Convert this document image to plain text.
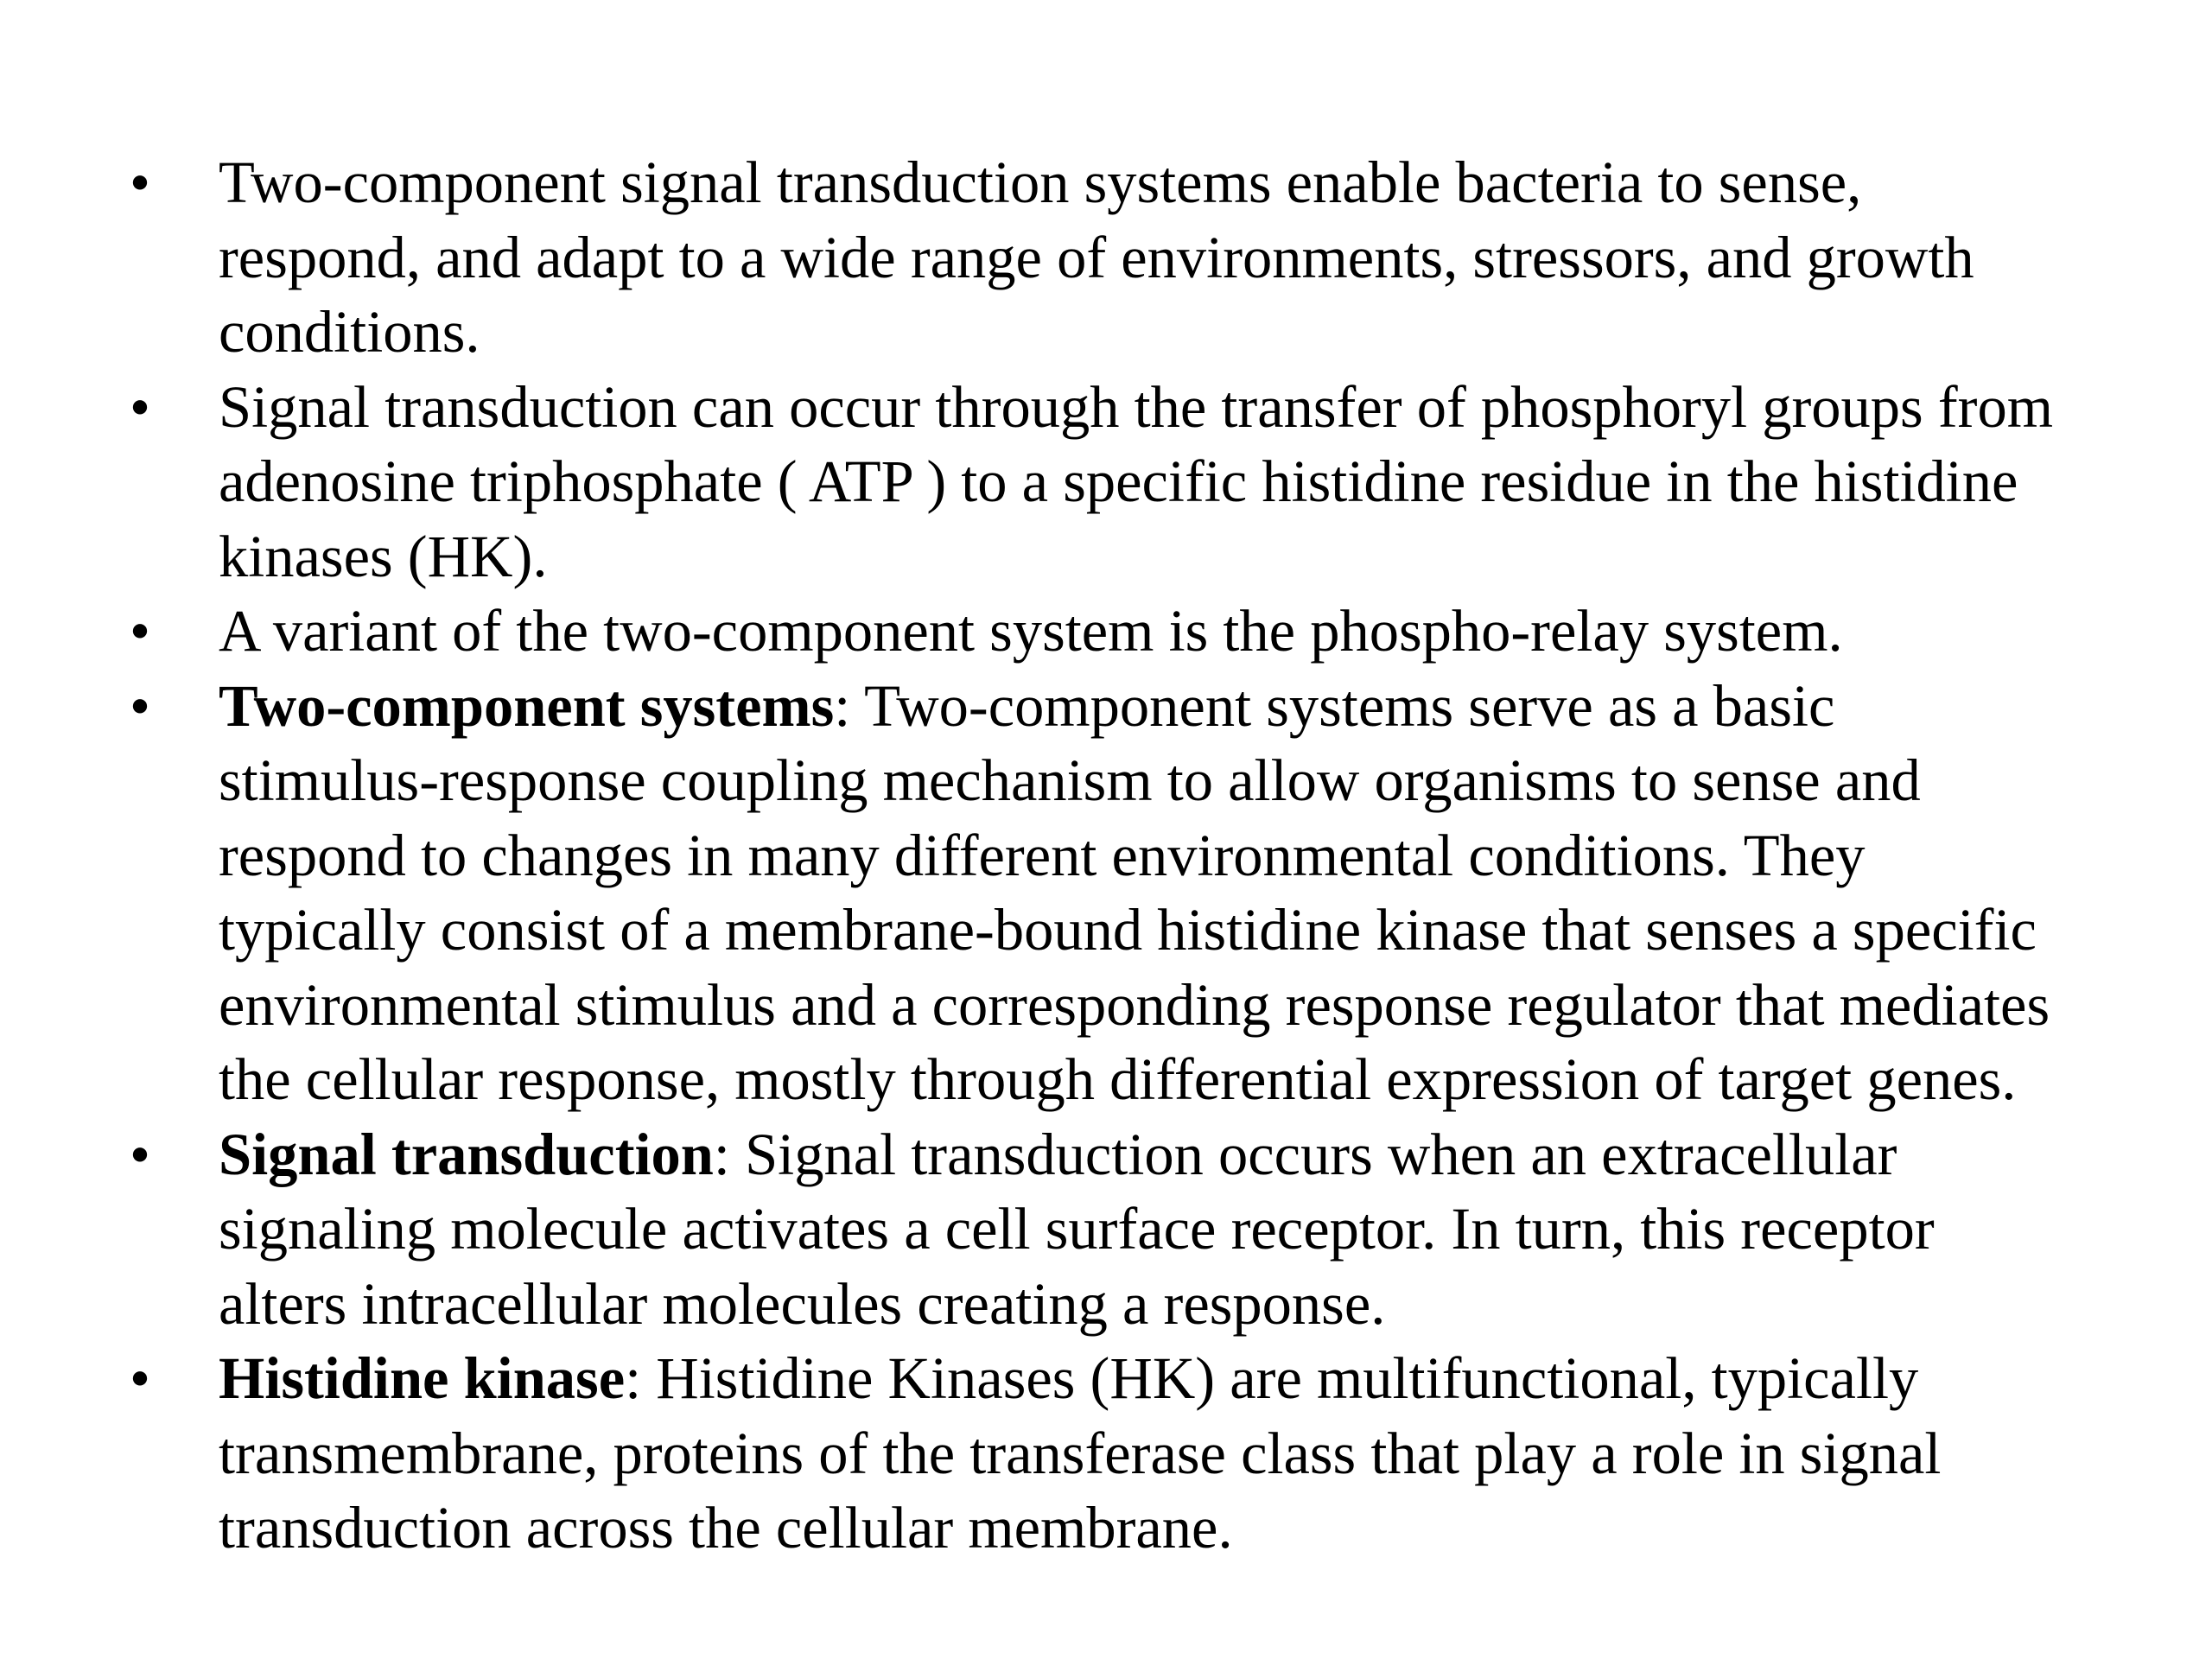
• Two-component signal transduction systems enable bacteria to sense,
respond, and adapt to a wide range of environments, stressors, and growth
conditions.
• Signal transduction can occur through the transfer of phosphoryl groups from
adenosine triphosphate ( ATP ) to a specific histidine residue in the histidine
kinases (HK).
• A variant of the two-component system is the phospho-relay system.
• Two-component systems: Two-component systems serve as a basic
stimulus-response coupling mechanism to allow organisms to sense and
respond to changes in many different environmental conditions. They
typically consist of a membrane-bound histidine kinase that senses a specific
environmental stimulus and a corresponding response regulator that mediates
the cellular response, mostly through differential expression of target genes.
• Signal transduction: Signal transduction occurs when an extracellular
signaling molecule activates a cell surface receptor. In turn, this receptor
alters intracellular molecules creating a response.
• Histidine kinase: Histidine Kinases (HK) are multifunctional, typically
transmembrane, proteins of the transferase class that play a role in signal
transduction across the cellular membrane.
